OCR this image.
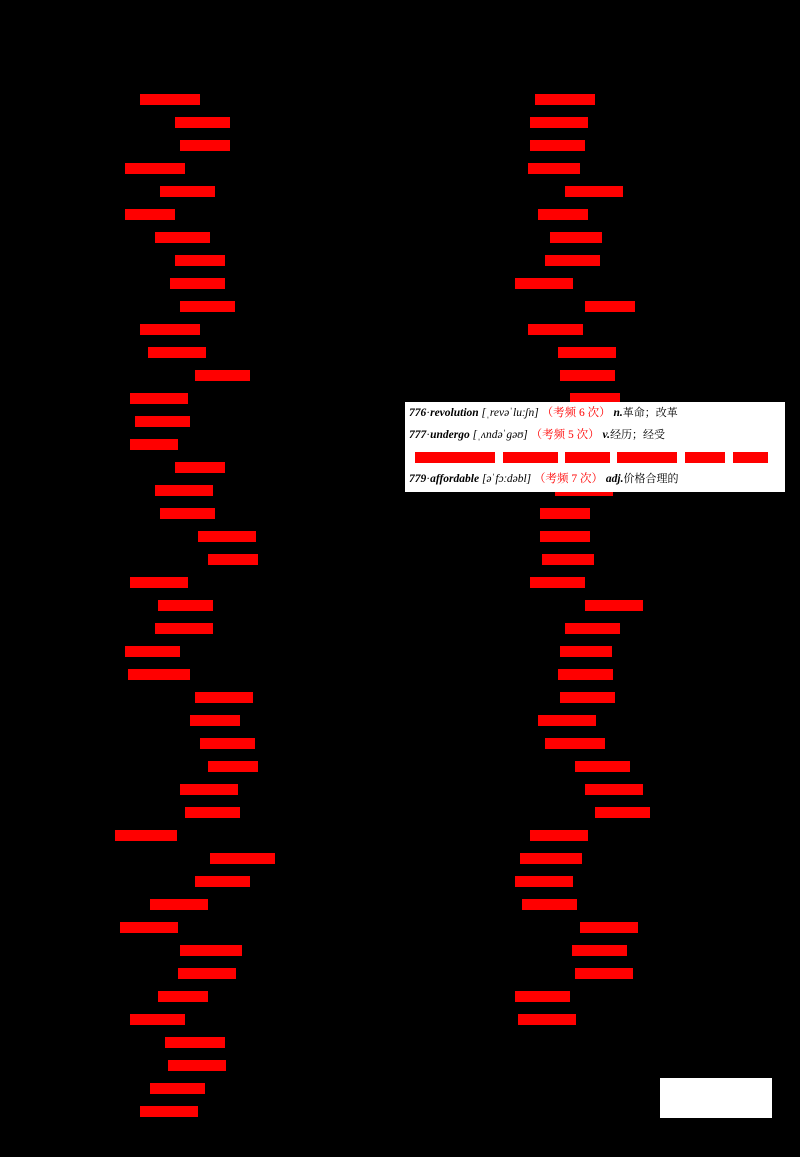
776·revolution [ˌrevəˈluːʃn] （考频 6 次） n.革命；改革
777·undergo [ˌʌndəˈgəʊ] （考频 5 次） v.经历；经受
779·affordable [əˈfɔːdəbl] （考频 7 次） adj.价格合理的
